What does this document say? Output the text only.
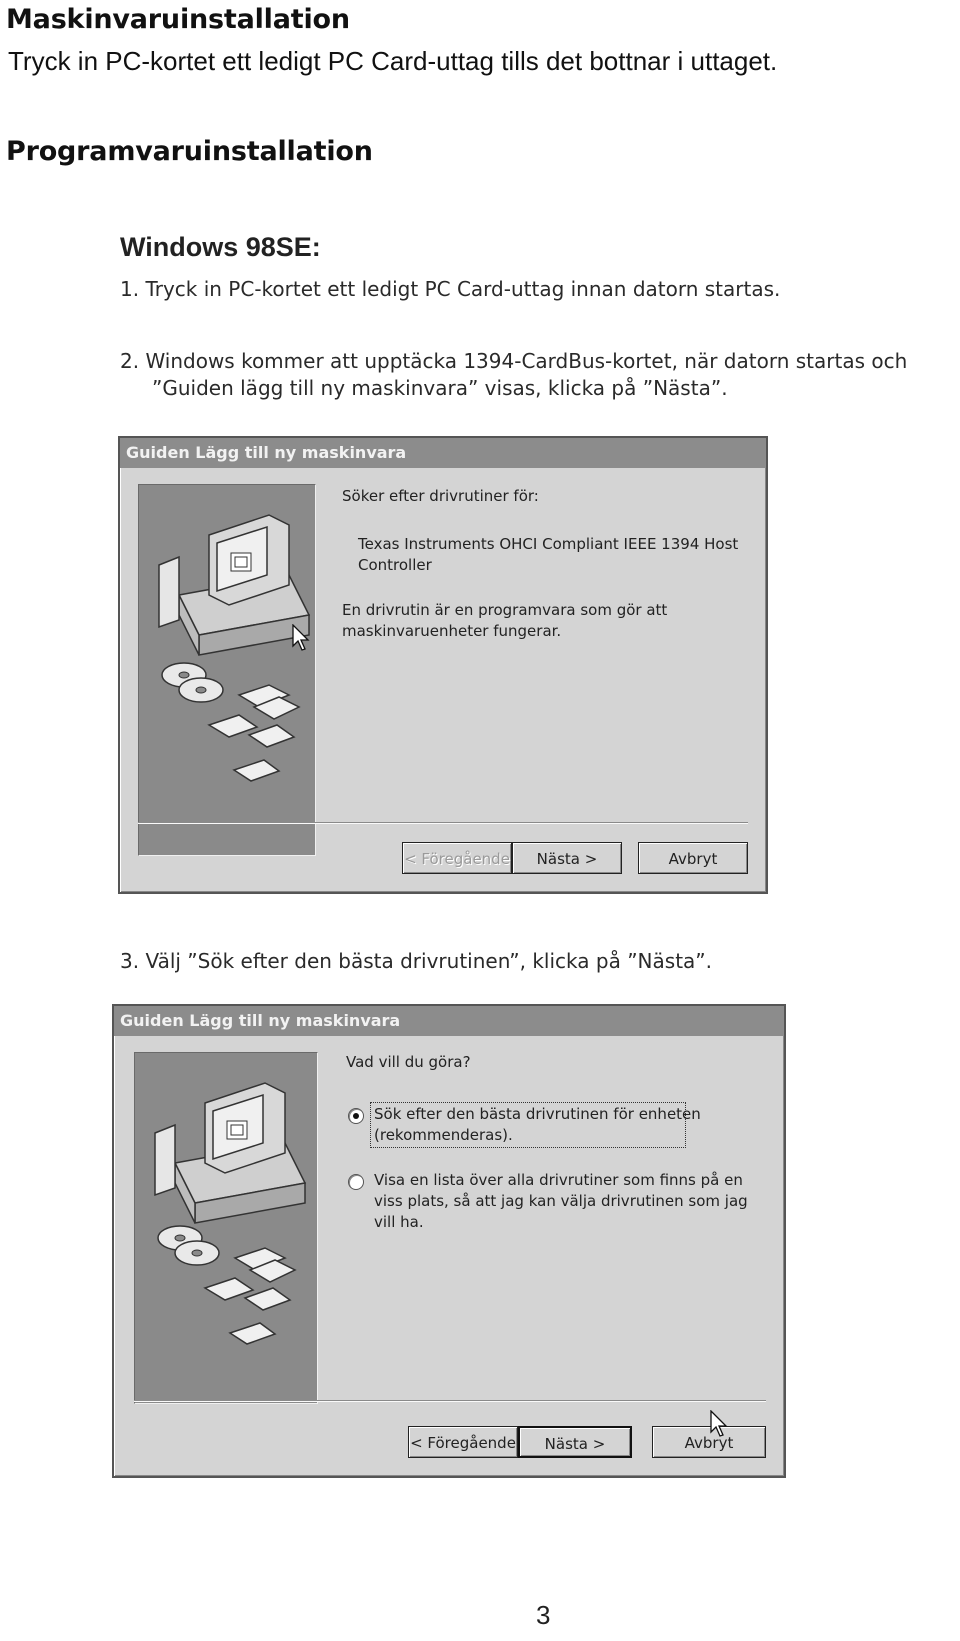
Maskinvaruinstallation
Tryck in PC-kortet ett ledigt PC Card-uttag tills det bottnar i uttaget.
Programvaruinstallation
Windows 98SE:
1. Tryck in PC-kortet ett ledigt PC Card-uttag innan datorn startas.
2. Windows kommer att upptäcka 1394-CardBus-kortet, när datorn startas och
”Guiden lägg till ny maskinvara” visas, klicka på ”Nästa”.
Guiden Lägg till ny maskinvara
Söker efter drivrutiner för:
Texas Instruments OHCI Compliant IEEE 1394 Host
Controller
En drivrutin är en programvara som gör att
maskinvaruenheter fungerar.
< Föregående	Nästa >	Avbryt
3. Välj ”Sök efter den bästa drivrutinen”, klicka på ”Nästa”.
Guiden Lägg till ny maskinvara
Vad vill du göra?
Sök efter den bästa drivrutinen för enheten
(rekommenderas).
Visa en lista över alla drivrutiner som finns på en
viss plats, så att jag kan välja drivrutinen som jag
vill ha.
< Föregående	Nästa >	Avbryt
3
